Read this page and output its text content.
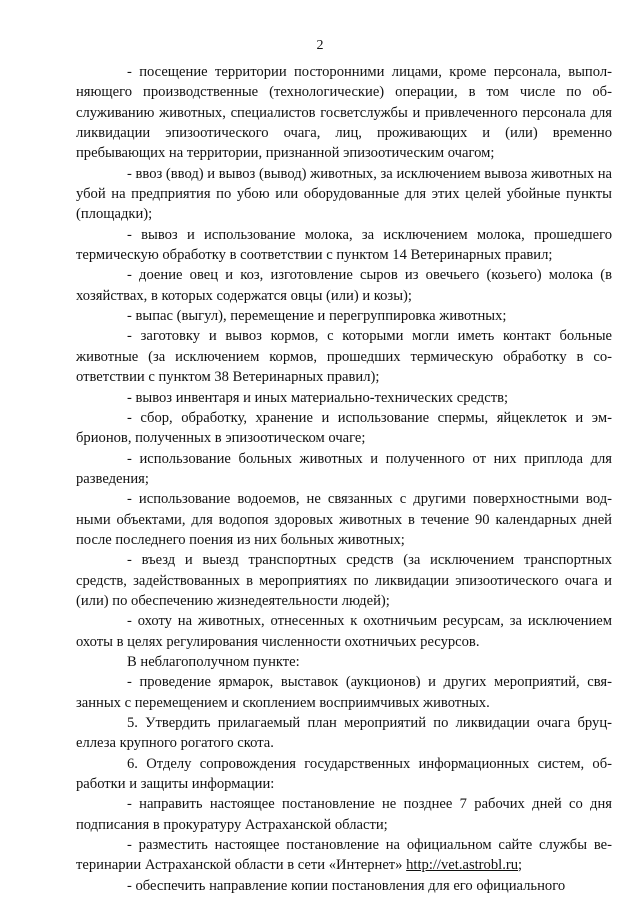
2

- посещение территории посторонними лицами, кроме персонала, выполняющего производственные (технологические) операции, в том числе по обслуживанию животных, специалистов госветслужбы и привлеченного персонала для ликвидации эпизоотического очага, лиц, проживающих и (или) временно пребывающих на территории, признанной эпизоотическим очагом;

- ввоз (ввод) и вывоз (вывод) животных, за исключением вывоза животных на убой на предприятия по убою или оборудованные для этих целей убойные пункты (площадки);

- вывоз и использование молока, за исключением молока, прошедшего термическую обработку в соответствии с пунктом 14 Ветеринарных правил;

- доение овец и коз, изготовление сыров из овечьего (козьего) молока (в хозяйствах, в которых содержатся овцы (или) и козы);

- выпас (выгул), перемещение и перегруппировка животных;

- заготовку и вывоз кормов, с которыми могли иметь контакт больные животные (за исключением кормов, прошедших термическую обработку в соответствии с пунктом 38 Ветеринарных правил);

- вывоз инвентаря и иных материально-технических средств;

- сбор, обработку, хранение и использование спермы, яйцеклеток и эмбрионов, полученных в эпизоотическом очаге;

- использование больных животных и полученного от них приплода для разведения;

- использование водоемов, не связанных с другими поверхностными водными объектами, для водопоя здоровых животных в течение 90 календарных дней после последнего поения из них больных животных;

- въезд и выезд транспортных средств (за исключением транспортных средств, задействованных в мероприятиях по ликвидации эпизоотического очага и (или) по обеспечению жизнедеятельности людей);

- охоту на животных, отнесенных к охотничьим ресурсам, за исключением охоты в целях регулирования численности охотничьих ресурсов.

В неблагополучном пункте:

- проведение ярмарок, выставок (аукционов) и других мероприятий, связанных с перемещением и скоплением восприимчивых животных.

5. Утвердить прилагаемый план мероприятий по ликвидации очага бруцеллеза крупного рогатого скота.

6. Отделу сопровождения государственных информационных систем, обработки и защиты информации:

- направить настоящее постановление не позднее 7 рабочих дней со дня подписания в прокуратуру Астраханской области;

- разместить настоящее постановление на официальном сайте службы ветеринарии Астраханской области в сети «Интернет» http://vet.astrobl.ru;

- обеспечить направление копии постановления для его официального
